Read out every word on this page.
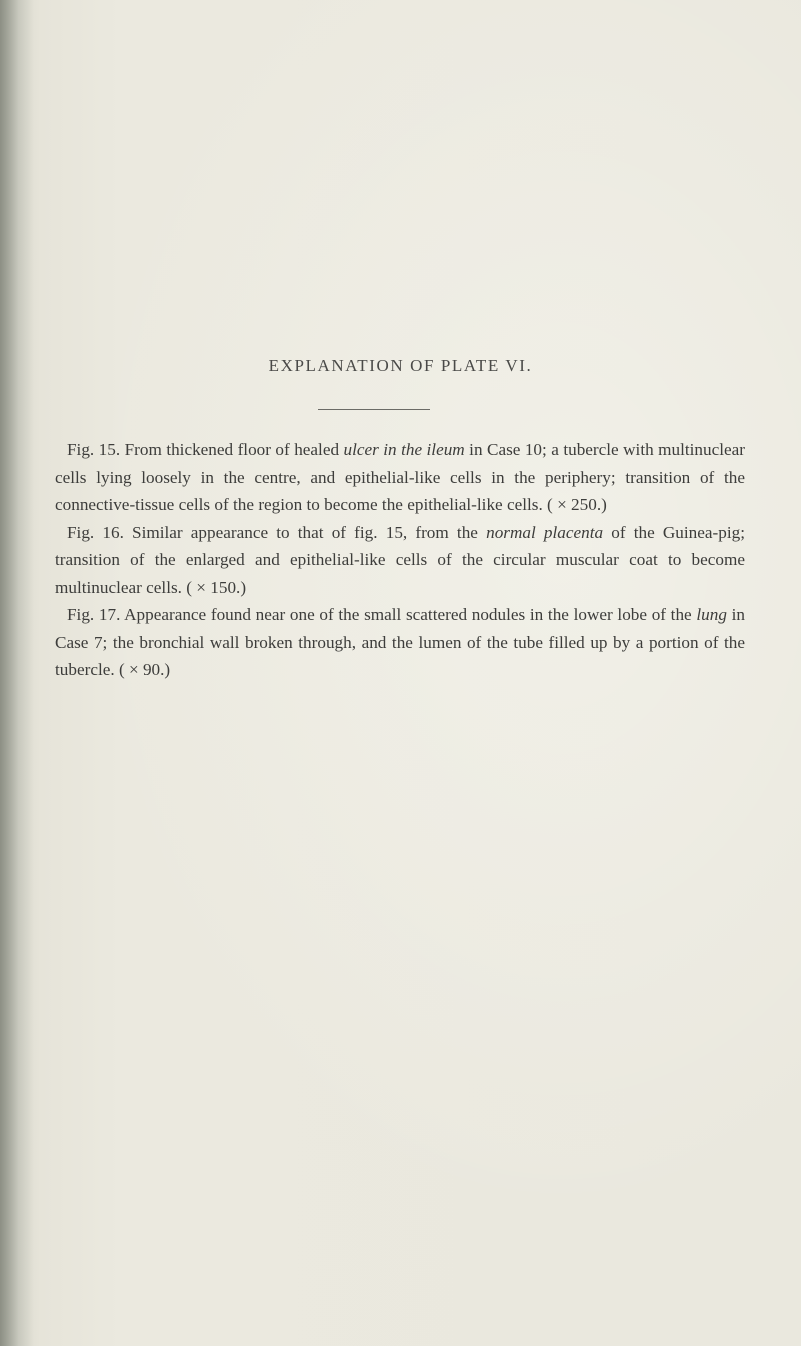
EXPLANATION OF PLATE VI.

Fig. 15. From thickened floor of healed ulcer in the ileum in Case 10; a tubercle with multinuclear cells lying loosely in the centre, and epithelial-like cells in the periphery; transition of the connective-tissue cells of the region to become the epithelial-like cells. ( × 250.)

Fig. 16. Similar appearance to that of fig. 15, from the normal placenta of the Guinea-pig; transition of the enlarged and epithelial-like cells of the circular muscular coat to become multinuclear cells. ( × 150.)

Fig. 17. Appearance found near one of the small scattered nodules in the lower lobe of the lung in Case 7; the bronchial wall broken through, and the lumen of the tube filled up by a portion of the tubercle. ( × 90.)
